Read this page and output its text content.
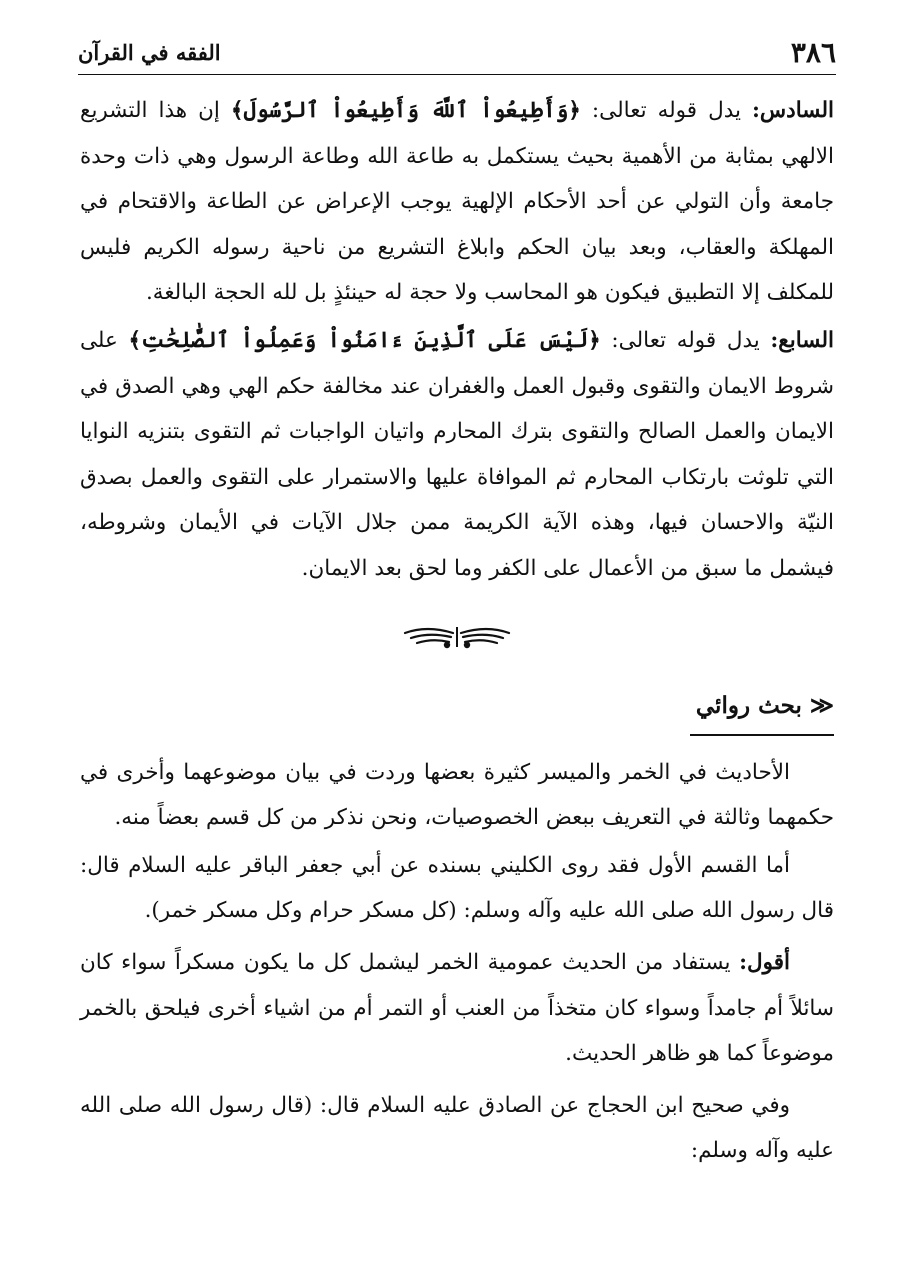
٣٨٦
الفقه في القرآن

السادس: يدل قوله تعالى: ﴿وَأَطِيعُواْ ٱللَّهَ وَأَطِيعُواْ ٱلرَّسُولَ﴾ إن هذا التشريع الالهي بمثابة من الأهمية بحيث يستكمل به طاعة الله وطاعة الرسول وهي ذات وحدة جامعة وأن التولي عن أحد الأحكام الإلهية يوجب الإعراض عن الطاعة والاقتحام في المهلكة والعقاب، وبعد بيان الحكم وابلاغ التشريع من ناحية رسوله الكريم فليس للمكلف إلا التطبيق فيكون هو المحاسب ولا حجة له حينئذٍ بل لله الحجة البالغة.

السابع: يدل قوله تعالى: ﴿لَيْسَ عَلَى ٱلَّذِينَ ءَامَنُواْ وَعَمِلُواْ ٱلصَّٰلِحَٰتِ﴾ على شروط الايمان والتقوى وقبول العمل والغفران عند مخالفة حكم الهي وهي الصدق في الايمان والعمل الصالح والتقوى بترك المحارم واتيان الواجبات ثم التقوى بتنزيه النوايا التي تلوثت بارتكاب المحارم ثم الموافاة عليها والاستمرار على التقوى والعمل بصدق النيّة والاحسان فيها، وهذه الآية الكريمة ممن جلال الآيات في الأيمان وشروطه، فيشمل ما سبق من الأعمال على الكفر وما لحق بعد الايمان.

≪ بحث روائي

الأحاديث في الخمر والميسر كثيرة بعضها وردت في بيان موضوعهما وأخرى في حكمهما وثالثة في التعريف ببعض الخصوصيات، ونحن نذكر من كل قسم بعضاً منه.

أما القسم الأول فقد روى الكليني بسنده عن أبي جعفر الباقر عليه السلام قال: قال رسول الله صلى الله عليه وآله وسلم: (كل مسكر حرام وكل مسكر خمر).

أقول: يستفاد من الحديث عمومية الخمر ليشمل كل ما يكون مسكراً سواء كان سائلاً أم جامداً وسواء كان متخذاً من العنب أو التمر أم من اشياء أخرى فيلحق بالخمر موضوعاً كما هو ظاهر الحديث.

وفي صحيح ابن الحجاج عن الصادق عليه السلام قال: (قال رسول الله صلى الله عليه وآله وسلم:
